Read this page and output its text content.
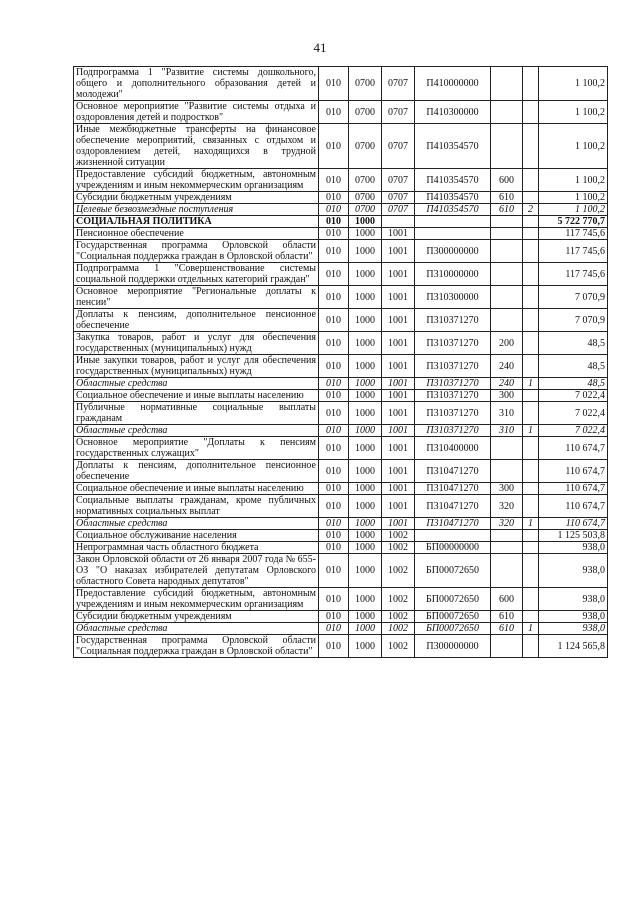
41
Подпрограмма 1 "Развитие системы дошкольного, общего и дополнительного образования детей и молодежи"	010	0700	0707	П410000000			1 100,2
Основное мероприятие "Развитие системы отдыха и оздоровления детей и подростков"	010	0700	0707	П410300000			1 100,2
Иные межбюджетные трансферты на финансовое обеспечение мероприятий, связанных с отдыхом и оздоровлением детей, находящихся в трудной жизненной ситуации	010	0700	0707	П410354570			1 100,2
Предоставление субсидий бюджетным, автономным учреждениям и иным некоммерческим организациям	010	0700	0707	П410354570	600		1 100,2
Субсидии бюджетным учреждениям	010	0700	0707	П410354570	610		1 100,2
Целевые безвозмездные поступления	010	0700	0707	П410354570	610	2	1 100,2
СОЦИАЛЬНАЯ ПОЛИТИКА	010	1000					5 722 770,7
Пенсионное обеспечение	010	1000	1001				117 745,6
Государственная программа Орловской области "Социальная поддержка граждан в Орловской области"	010	1000	1001	П300000000			117 745,6
Подпрограмма 1 "Совершенствование системы социальной поддержки отдельных категорий граждан"	010	1000	1001	П310000000			117 745,6
Основное мероприятие "Региональные доплаты к пенсии"	010	1000	1001	П310300000			7 070,9
Доплаты к пенсиям, дополнительное пенсионное обеспечение	010	1000	1001	П310371270			7 070,9
Закупка товаров, работ и услуг для обеспечения государственных (муниципальных) нужд	010	1000	1001	П310371270	200		48,5
Иные закупки товаров, работ и услуг для обеспечения государственных (муниципальных) нужд	010	1000	1001	П310371270	240		48,5
Областные средства	010	1000	1001	П310371270	240	1	48,5
Социальное обеспечение и иные выплаты населению	010	1000	1001	П310371270	300		7 022,4
Публичные нормативные социальные выплаты гражданам	010	1000	1001	П310371270	310		7 022,4
Областные средства	010	1000	1001	П310371270	310	1	7 022,4
Основное мероприятие "Доплаты к пенсиям государственных служащих"	010	1000	1001	П310400000			110 674,7
Доплаты к пенсиям, дополнительное пенсионное обеспечение	010	1000	1001	П310471270			110 674,7
Социальное обеспечение и иные выплаты населению	010	1000	1001	П310471270	300		110 674,7
Социальные выплаты гражданам, кроме публичных нормативных социальных выплат	010	1000	1001	П310471270	320		110 674,7
Областные средства	010	1000	1001	П310471270	320	1	110 674,7
Социальное обслуживание населения	010	1000	1002				1 125 503,8
Непрограммная часть областного бюджета	010	1000	1002	БП00000000			938,0
Закон Орловской области от 26 января 2007 года № 655-ОЗ "О наказах избирателей депутатам Орловского областного Совета народных депутатов"	010	1000	1002	БП00072650			938,0
Предоставление субсидий бюджетным, автономным учреждениям и иным некоммерческим организациям	010	1000	1002	БП00072650	600		938,0
Субсидии бюджетным учреждениям	010	1000	1002	БП00072650	610		938,0
Областные средства	010	1000	1002	БП00072650	610	1	938,0
Государственная программа Орловской области "Социальная поддержка граждан в Орловской области"	010	1000	1002	П300000000			1 124 565,8
